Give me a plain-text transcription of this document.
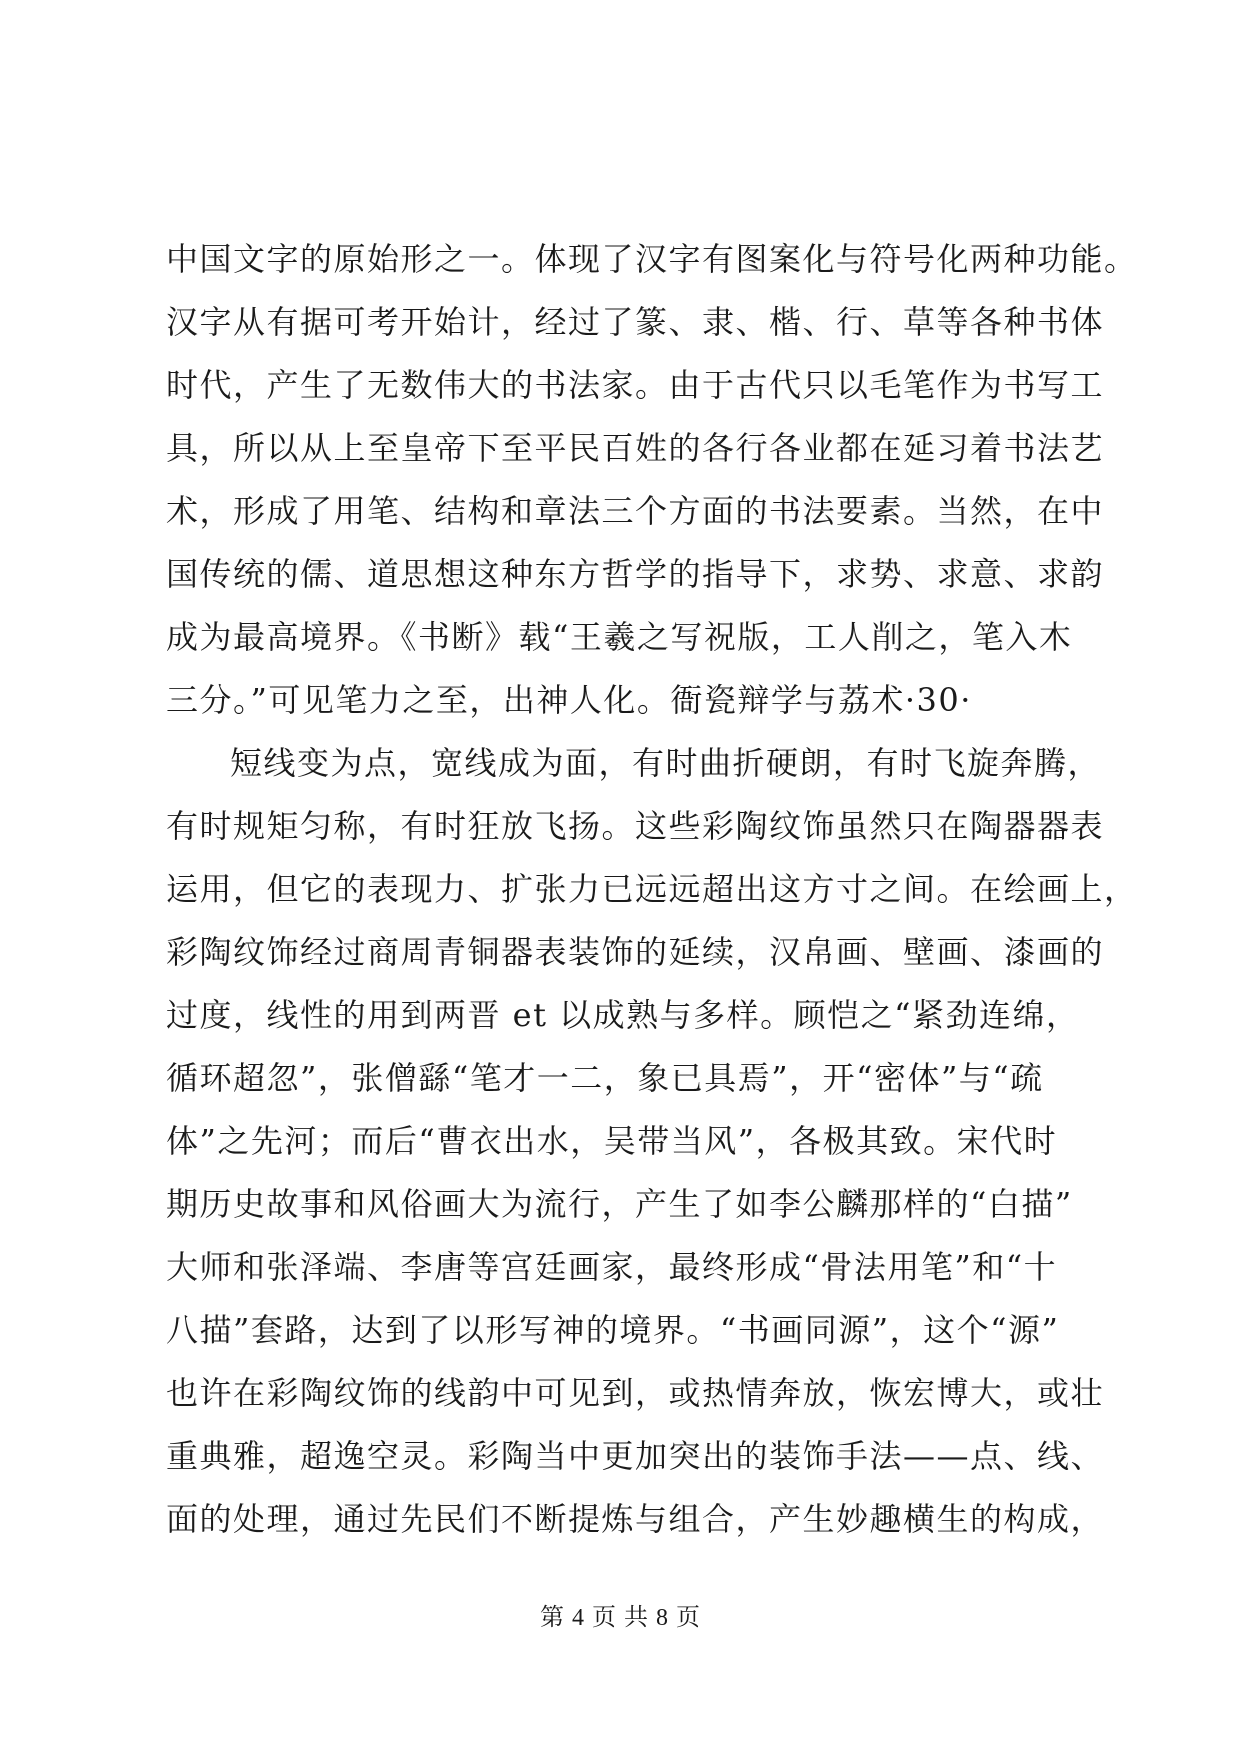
中国文字的原始形之一。体现了汉字有图案化与符号化两种功能。
汉字从有据可考开始计，经过了篆、隶、楷、行、草等各种书体
时代，产生了无数伟大的书法家。由于古代只以毛笔作为书写工
具，所以从上至皇帝下至平民百姓的各行各业都在延习着书法艺
术，形成了用笔、结构和章法三个方面的书法要素。当然，在中
国传统的儒、道思想这种东方哲学的指导下，求势、求意、求韵
成为最高境界。《书断》载“王羲之写祝版，工人削之，笔入木
三分。”可见笔力之至，出神人化。衙瓷辩学与荔术·30·
短线变为点，宽线成为面，有时曲折硬朗，有时飞旋奔腾，
有时规矩匀称，有时狂放飞扬。这些彩陶纹饰虽然只在陶器器表
运用，但它的表现力、扩张力已远远超出这方寸之间。在绘画上，
彩陶纹饰经过商周青铜器表装饰的延续，汉帛画、壁画、漆画的
过度，线性的用到两晋 et 以成熟与多样。顾恺之“紧劲连绵，
循环超忽”，张僧繇“笔才一二，象已具焉”，开“密体”与“疏
体”之先河；而后“曹衣出水，吴带当风”，各极其致。宋代时
期历史故事和风俗画大为流行，产生了如李公麟那样的“白描”
大师和张泽端、李唐等宫廷画家，最终形成“骨法用笔”和“十
八描”套路，达到了以形写神的境界。“书画同源”，这个“源”
也许在彩陶纹饰的线韵中可见到，或热情奔放，恢宏博大，或壮
重典雅，超逸空灵。彩陶当中更加突出的装饰手法——点、线、
面的处理，通过先民们不断提炼与组合，产生妙趣横生的构成，
第 4 页 共 8 页
